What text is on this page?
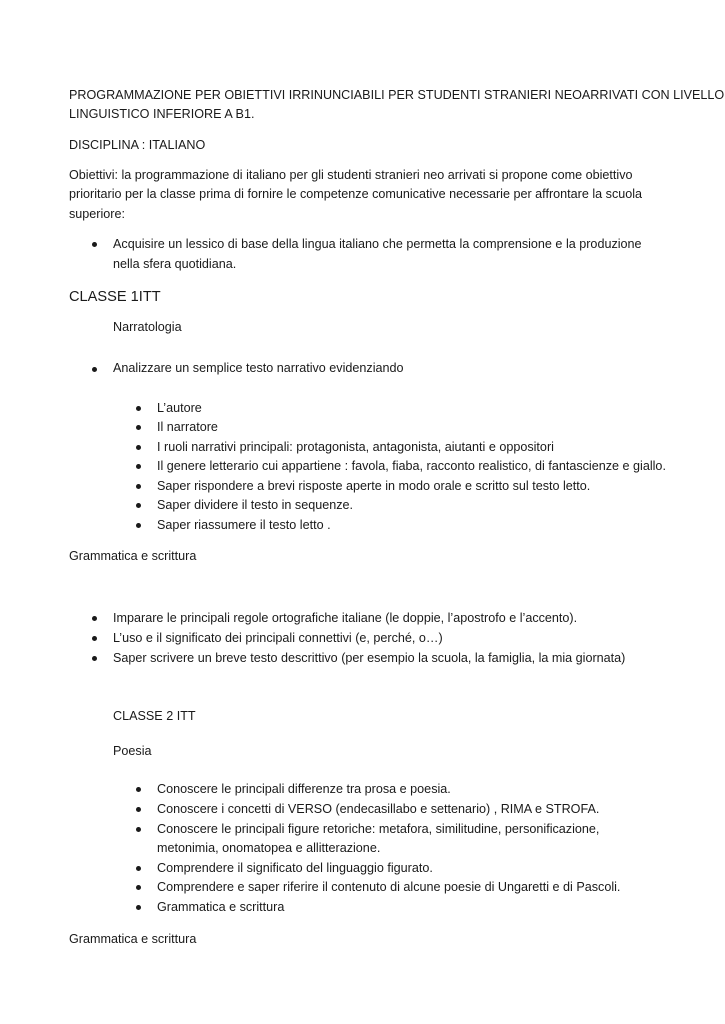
PROGRAMMAZIONE PER OBIETTIVI IRRINUNCIABILI PER STUDENTI STRANIERI NEOARRIVATI CON LIVELLO

LINGUISTICO INFERIORE A B1.

DISCIPLINA : ITALIANO

Obiettivi: la programmazione di italiano per gli studenti stranieri neo arrivati si propone come obiettivo

prioritario per la classe prima di fornire le competenze comunicative necessarie per affrontare la scuola

superiore:

Acquisire un lessico di base della lingua italiano che permetta la comprensione e la produzione
nella sfera quotidiana.

CLASSE 1ITT

Narratologia
Analizzare un semplice testo narrativo evidenziando
L’autore
Il narratore
I ruoli narrativi principali: protagonista, antagonista, aiutanti e oppositori
Il genere letterario cui appartiene : favola, fiaba, racconto realistico, di fantascienze e giallo.
Saper rispondere a brevi risposte aperte in modo orale e scritto sul testo letto.
Saper dividere il testo in sequenze.
Saper riassumere il testo letto .

Grammatica e scrittura

Imparare le principali regole ortografiche italiane (le doppie, l’apostrofo e l’accento).
L’uso e il significato dei principali connettivi (e, perché, o…)
Saper scrivere un breve testo descrittivo (per esempio la scuola, la famiglia, la mia giornata)
CLASSE 2 ITT
Poesia
Conoscere le principali differenze tra prosa e poesia.
Conoscere i concetti di VERSO (endecasillabo e settenario) , RIMA e STROFA.
Conoscere le principali figure retoriche: metafora, similitudine, personificazione,
metonimia, onomatopea e allitterazione.
Comprendere il significato del linguaggio figurato.
Comprendere e saper riferire il contenuto di alcune poesie di Ungaretti e di Pascoli.
Grammatica e scrittura

Grammatica e scrittura
